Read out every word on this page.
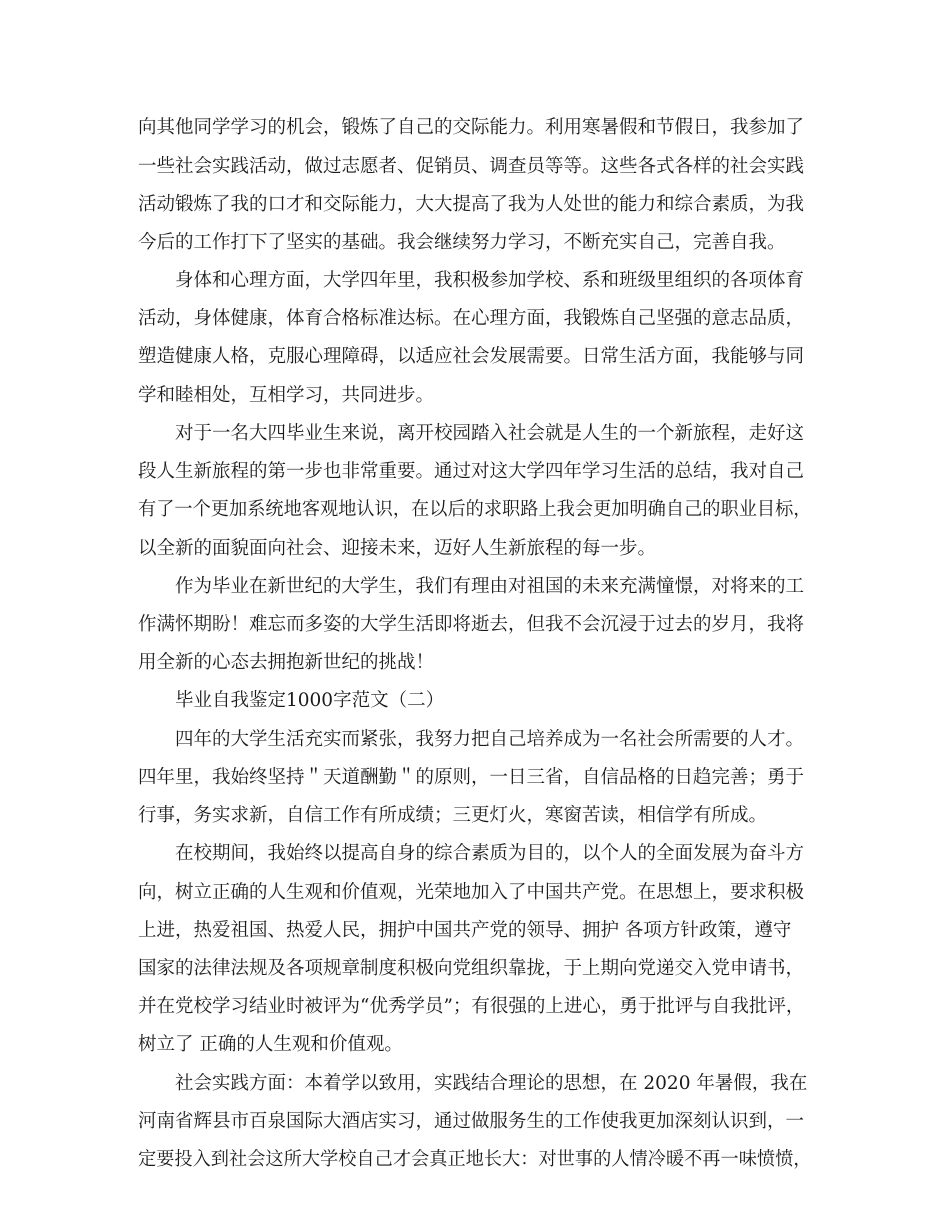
向其他同学学习的机会，锻炼了自己的交际能力。利用寒暑假和节假日，我参加了
一些社会实践活动，做过志愿者、促销员、调查员等等。这些各式各样的社会实践
活动锻炼了我的口才和交际能力，大大提高了我为人处世的能力和综合素质，为我
今后的工作打下了坚实的基础。我会继续努力学习，不断充实自己，完善自我。
身体和心理方面，大学四年里，我积极参加学校、系和班级里组织的各项体育
活动，身体健康，体育合格标准达标。在心理方面，我锻炼自己坚强的意志品质，
塑造健康人格，克服心理障碍，以适应社会发展需要。日常生活方面，我能够与同
学和睦相处，互相学习，共同进步。
对于一名大四毕业生来说，离开校园踏入社会就是人生的一个新旅程，走好这
段人生新旅程的第一步也非常重要。通过对这大学四年学习生活的总结，我对自己
有了一个更加系统地客观地认识，在以后的求职路上我会更加明确自己的职业目标，
以全新的面貌面向社会、迎接未来，迈好人生新旅程的每一步。
作为毕业在新世纪的大学生，我们有理由对祖国的未来充满憧憬，对将来的工
作满怀期盼！难忘而多姿的大学生活即将逝去，但我不会沉浸于过去的岁月，我将
用全新的心态去拥抱新世纪的挑战！
毕业自我鉴定1000字范文（二）
四年的大学生活充实而紧张，我努力把自己培养成为一名社会所需要的人才。
四年里，我始终坚持＂天道酬勤＂的原则，一日三省，自信品格的日趋完善；勇于
行事，务实求新，自信工作有所成绩；三更灯火，寒窗苦读，相信学有所成。
在校期间，我始终以提高自身的综合素质为目的，以个人的全面发展为奋斗方
向，树立正确的人生观和价值观，光荣地加入了中国共产党。在思想上，要求积极
上进，热爱祖国、热爱人民，拥护中国共产党的领导、拥护 各项方针政策，遵守
国家的法律法规及各项规章制度积极向党组织靠拢，于上期向党递交入党申请书，
并在党校学习结业时被评为“优秀学员”；有很强的上进心，勇于批评与自我批评，
树立了 正确的人生观和价值观。
社会实践方面：本着学以致用，实践结合理论的思想，在 2020 年暑假，我在
河南省辉县市百泉国际大酒店实习，通过做服务生的工作使我更加深刻认识到，一
定要投入到社会这所大学校自己才会真正地长大：对世事的人情冷暖不再一味愤愤，
